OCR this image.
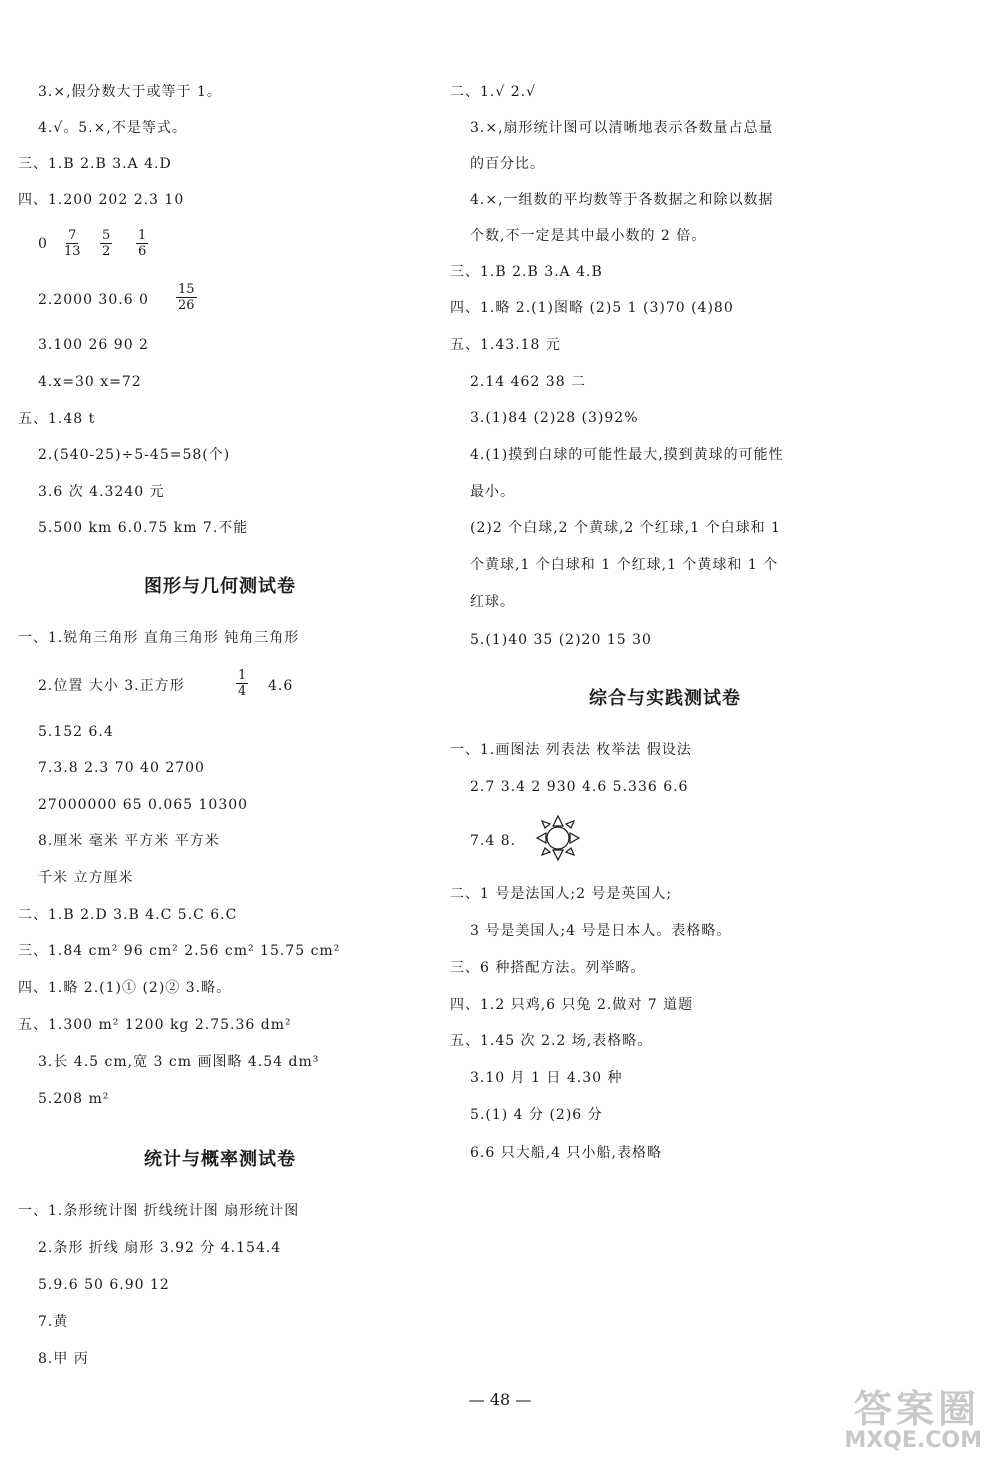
3.×,假分数大于或等于 1。
4.√。5.×,不是等式。
三、1.B 2.B 3.A 4.D
四、1.200 202 2.3 10
0
7
13
5
2
1
6
2.2000 30.6 0
15
26
3.100 26 90 2
4.x=30 x=72
五、1.48 t
2.(540-25)÷5-45=58(个)
3.6 次 4.3240 元
5.500 km 6.0.75 km 7.不能
图形与几何测试卷
一、1.锐角三角形 直角三角形 钝角三角形
2.位置 大小 3.正方形
1
4 4.6
5.152 6.4
7.3.8 2.3 70 40 2700
27000000 65 0.065 10300
8.厘米 毫米 平方米 平方米
千米 立方厘米
二、1.B 2.D 3.B 4.C 5.C 6.C
三、1.84 cm² 96 cm² 2.56 cm² 15.75 cm²
四、1.略 2.(1)① (2)② 3.略。
五、1.300 m² 1200 kg 2.75.36 dm²
3.长 4.5 cm,宽 3 cm 画图略 4.54 dm³
5.208 m²
统计与概率测试卷
一、1.条形统计图 折线统计图 扇形统计图
2.条形 折线 扇形 3.92 分 4.154.4
5.9.6 50 6.90 12
7.黄
8.甲 丙
二、1.√ 2.√
3.×,扇形统计图可以清晰地表示各数量占总量
的百分比。
4.×,一组数的平均数等于各数据之和除以数据
个数,不一定是其中最小数的 2 倍。
三、1.B 2.B 3.A 4.B
四、1.略 2.(1)图略 (2)5 1 (3)70 (4)80
五、1.43.18 元
2.14 462 38 二
3.(1)84 (2)28 (3)92%
4.(1)摸到白球的可能性最大,摸到黄球的可能性
最小。
(2)2 个白球,2 个黄球,2 个红球,1 个白球和 1
个黄球,1 个白球和 1 个红球,1 个黄球和 1 个
红球。
5.(1)40 35 (2)20 15 30
综合与实践测试卷
一、1.画图法 列表法 枚举法 假设法
2.7 3.4 2 930 4.6 5.336 6.6
7.4 8.
二、1 号是法国人;2 号是英国人;
3 号是美国人;4 号是日本人。表格略。
三、6 种搭配方法。列举略。
四、1.2 只鸡,6 只兔 2.做对 7 道题
五、1.45 次 2.2 场,表格略。
3.10 月 1 日 4.30 种
5.(1) 4 分 (2)6 分
6.6 只大船,4 只小船,表格略
— 48 —	答案圈
MXQE.COM
